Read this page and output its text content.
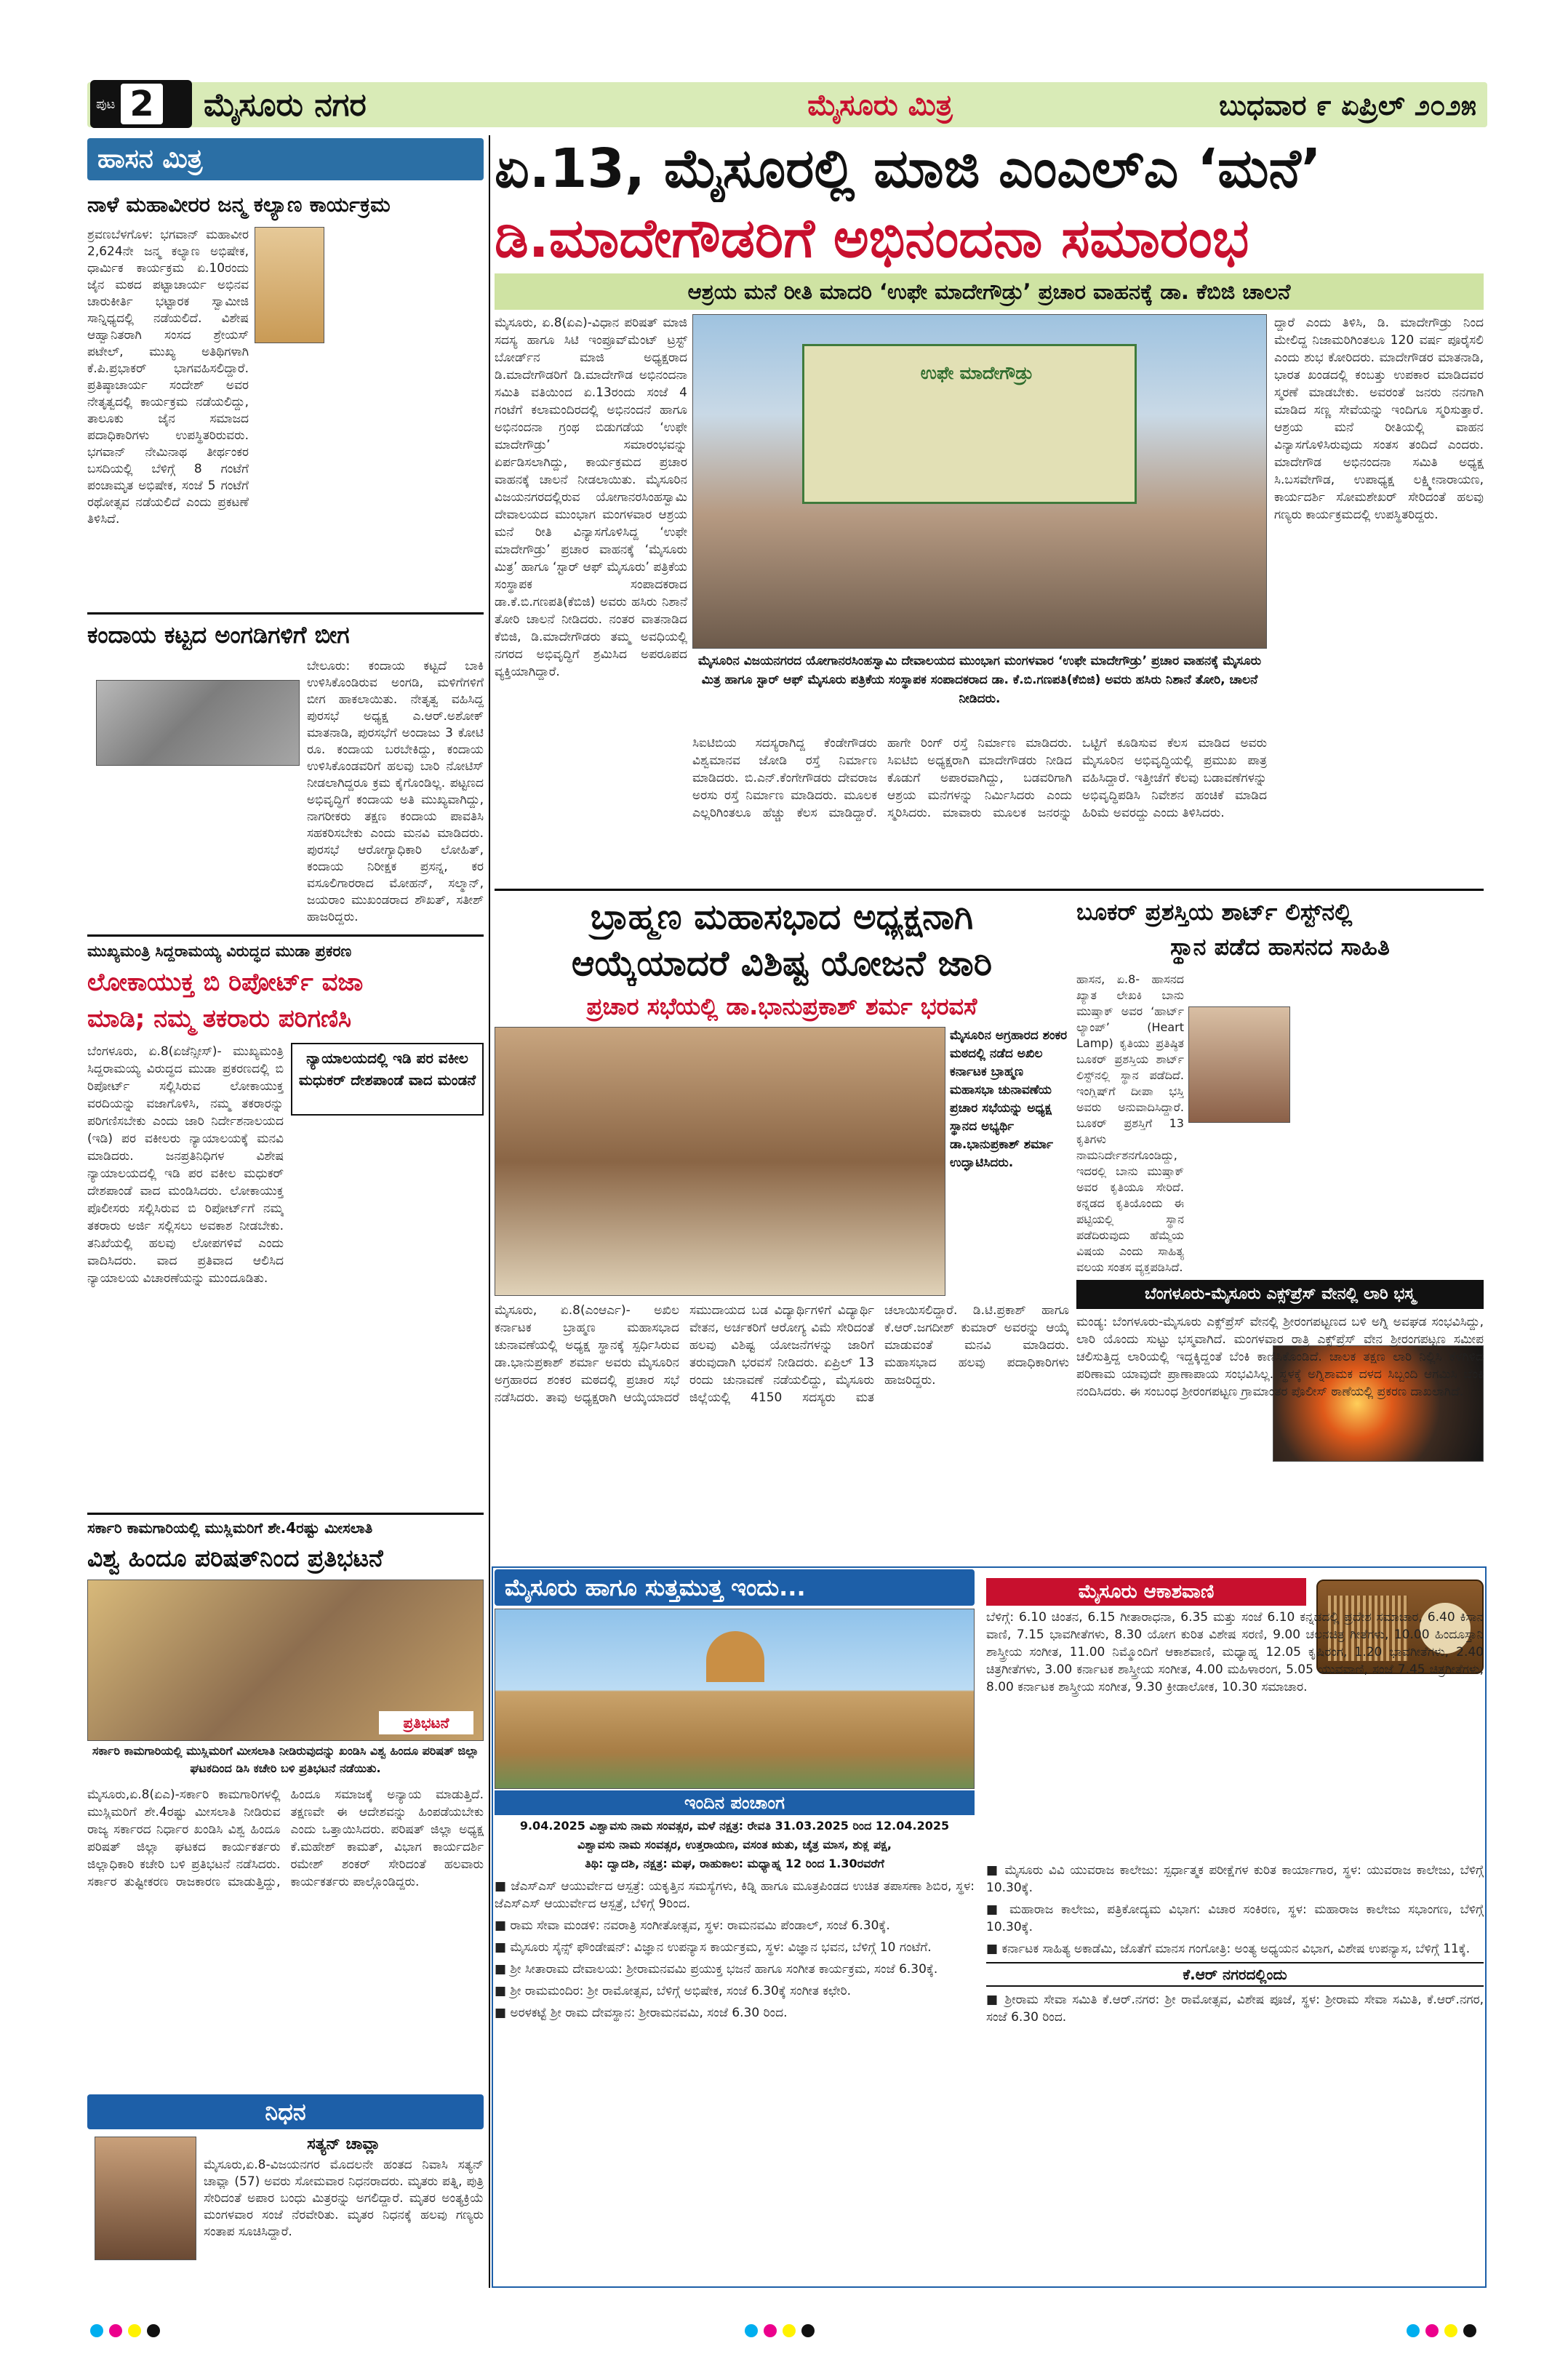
ಪುಟ 2 ಮೈಸೂರು ನಗರ	ಮೈಸೂರು ಮಿತ್ರ	ಬುಧವಾರ ೯ ಏಪ್ರಿಲ್ ೨೦೨೫
ಹಾಸನ ಮಿತ್ರ
ನಾಳೆ ಮಹಾವೀರರ ಜನ್ಮ ಕಲ್ಯಾಣ ಕಾರ್ಯಕ್ರಮ
ಶ್ರವಣಬೆಳಗೊಳ: ಭಗವಾನ್ ಮಹಾವೀರ 2,624ನೇ ಜನ್ಮ ಕಲ್ಯಾಣ ಅಭಿಷೇಕ, ಧಾರ್ಮಿಕ ಕಾರ್ಯಕ್ರಮ ಏ.10ರಂದು ಜೈನ ಮಠದ ಪಟ್ಟಾಚಾರ್ಯ ಅಭಿನವ ಚಾರುಕೀರ್ತಿ ಭಟ್ಟಾರಕ ಸ್ವಾಮೀಜಿ ಸಾನ್ನಿಧ್ಯದಲ್ಲಿ ನಡೆಯಲಿದೆ. ವಿಶೇಷ ಆಹ್ವಾನಿತರಾಗಿ ಸಂಸದ ಶ್ರೇಯಸ್ ಪಟೇಲ್, ಮುಖ್ಯ ಅತಿಥಿಗಳಾಗಿ ಕೆ.ಪಿ.ಪ್ರಭಾಕರ್ ಭಾಗವಹಿಸಲಿದ್ದಾರೆ. ಪ್ರತಿಷ್ಠಾಚಾರ್ಯ ಸಂದೇಶ್ ಅವರ ನೇತೃತ್ವದಲ್ಲಿ ಕಾರ್ಯಕ್ರಮ ನಡೆಯಲಿದ್ದು, ತಾಲೂಕು ಜೈನ ಸಮಾಜದ ಪದಾಧಿಕಾರಿಗಳು ಉಪಸ್ಥಿತರಿರುವರು. ಭಗವಾನ್ ನೇಮಿನಾಥ ತೀರ್ಥಂಕರ ಬಸದಿಯಲ್ಲಿ ಬೆಳಿಗ್ಗೆ 8 ಗಂಟೆಗೆ ಪಂಚಾಮೃತ ಅಭಿಷೇಕ, ಸಂಜೆ 5 ಗಂಟೆಗೆ ರಥೋತ್ಸವ ನಡೆಯಲಿದೆ ಎಂದು ಪ್ರಕಟಣೆ ತಿಳಿಸಿದೆ.
ಕಂದಾಯ ಕಟ್ಟದ ಅಂಗಡಿಗಳಿಗೆ ಬೀಗ
ಬೇಲೂರು: ಕಂದಾಯ ಕಟ್ಟದೆ ಬಾಕಿ ಉಳಿಸಿಕೊಂಡಿರುವ ಅಂಗಡಿ, ಮಳಿಗೆಗಳಿಗೆ ಬೀಗ ಹಾಕಲಾಯಿತು. ನೇತೃತ್ವ ವಹಿಸಿದ್ದ ಪುರಸಭೆ ಅಧ್ಯಕ್ಷ ಎ.ಆರ್.ಅಶೋಕ್ ಮಾತನಾಡಿ, ಪುರಸಭೆಗೆ ಅಂದಾಜು 3 ಕೋಟಿ ರೂ. ಕಂದಾಯ ಬರಬೇಕಿದ್ದು, ಕಂದಾಯ ಉಳಿಸಿಕೊಂಡವರಿಗೆ ಹಲವು ಬಾರಿ ನೋಟಿಸ್ ನೀಡಲಾಗಿದ್ದರೂ ಕ್ರಮ ಕೈಗೊಂಡಿಲ್ಲ. ಪಟ್ಟಣದ ಅಭಿವೃದ್ಧಿಗೆ ಕಂದಾಯ ಅತಿ ಮುಖ್ಯವಾಗಿದ್ದು, ನಾಗರೀಕರು ತಕ್ಷಣ ಕಂದಾಯ ಪಾವತಿಸಿ ಸಹಕರಿಸಬೇಕು ಎಂದು ಮನವಿ ಮಾಡಿದರು. ಪುರಸಭೆ ಆರೋಗ್ಯಾಧಿಕಾರಿ ಲೋಹಿತ್, ಕಂದಾಯ ನಿರೀಕ್ಷಕ ಪ್ರಸನ್ನ, ಕರ ವಸೂಲಿಗಾರರಾದ ಮೋಹನ್, ಸಲ್ಮಾನ್, ಜಯರಾಂ ಮುಖಂಡರಾದ ಶೌಖತ್, ಸತೀಶ್ ಹಾಜರಿದ್ದರು.
ಮುಖ್ಯಮಂತ್ರಿ ಸಿದ್ದರಾಮಯ್ಯ ವಿರುದ್ಧದ ಮುಡಾ ಪ್ರಕರಣ
ಲೋಕಾಯುಕ್ತ ಬಿ ರಿಪೋರ್ಟ್ ವಜಾ
ಮಾಡಿ; ನಮ್ಮ ತಕರಾರು ಪರಿಗಣಿಸಿ
ನ್ಯಾಯಾಲಯದಲ್ಲಿ ಇಡಿ ಪರ ವಕೀಲ ಮಧುಕರ್ ದೇಶಪಾಂಡೆ ವಾದ ಮಂಡನೆ
ಬೆಂಗಳೂರು, ಏ.8(ಏಜೆನ್ಸೀಸ್)- ಮುಖ್ಯಮಂತ್ರಿ ಸಿದ್ದರಾಮಯ್ಯ ವಿರುದ್ಧದ ಮುಡಾ ಪ್ರಕರಣದಲ್ಲಿ ಬಿ ರಿಪೋರ್ಟ್ ಸಲ್ಲಿಸಿರುವ ಲೋಕಾಯುಕ್ತ ವರದಿಯನ್ನು ವಜಾಗೊಳಿಸಿ, ನಮ್ಮ ತಕರಾರನ್ನು ಪರಿಗಣಿಸಬೇಕು ಎಂದು ಜಾರಿ ನಿರ್ದೇಶನಾಲಯದ (ಇಡಿ) ಪರ ವಕೀಲರು ನ್ಯಾಯಾಲಯಕ್ಕೆ ಮನವಿ ಮಾಡಿದರು. ಜನಪ್ರತಿನಿಧಿಗಳ ವಿಶೇಷ ನ್ಯಾಯಾಲಯದಲ್ಲಿ ಇಡಿ ಪರ ವಕೀಲ ಮಧುಕರ್ ದೇಶಪಾಂಡೆ ವಾದ ಮಂಡಿಸಿದರು. ಲೋಕಾಯುಕ್ತ ಪೊಲೀಸರು ಸಲ್ಲಿಸಿರುವ ಬಿ ರಿಪೋರ್ಟ್‌ಗೆ ನಮ್ಮ ತಕರಾರು ಅರ್ಜಿ ಸಲ್ಲಿಸಲು ಅವಕಾಶ ನೀಡಬೇಕು. ತನಿಖೆಯಲ್ಲಿ ಹಲವು ಲೋಪಗಳಿವೆ ಎಂದು ವಾದಿಸಿದರು. ವಾದ ಪ್ರತಿವಾದ ಆಲಿಸಿದ ನ್ಯಾಯಾಲಯ ವಿಚಾರಣೆಯನ್ನು ಮುಂದೂಡಿತು.
ಸರ್ಕಾರಿ ಕಾಮಗಾರಿಯಲ್ಲಿ ಮುಸ್ಲಿಮರಿಗೆ ಶೇ.4ರಷ್ಟು ಮೀಸಲಾತಿ
ವಿಶ್ವ ಹಿಂದೂ ಪರಿಷತ್‌ನಿಂದ ಪ್ರತಿಭಟನೆ
ಪ್ರತಿಭಟನೆ
ಸರ್ಕಾರಿ ಕಾಮಗಾರಿಯಲ್ಲಿ ಮುಸ್ಲಿಮರಿಗೆ ಮೀಸಲಾತಿ ನೀಡಿರುವುದನ್ನು ಖಂಡಿಸಿ ವಿಶ್ವ ಹಿಂದೂ ಪರಿಷತ್ ಜಿಲ್ಲಾ ಘಟಕದಿಂದ ಡಿಸಿ ಕಚೇರಿ ಬಳಿ ಪ್ರತಿಭಟನೆ ನಡೆಯಿತು.
ಮೈಸೂರು,ಏ.8(ಏಎ)-ಸರ್ಕಾರಿ ಕಾಮಗಾರಿಗಳಲ್ಲಿ ಮುಸ್ಲಿಮರಿಗೆ ಶೇ.4ರಷ್ಟು ಮೀಸಲಾತಿ ನೀಡಿರುವ ರಾಜ್ಯ ಸರ್ಕಾರದ ನಿರ್ಧಾರ ಖಂಡಿಸಿ ವಿಶ್ವ ಹಿಂದೂ ಪರಿಷತ್ ಜಿಲ್ಲಾ ಘಟಕದ ಕಾರ್ಯಕರ್ತರು ಜಿಲ್ಲಾಧಿಕಾರಿ ಕಚೇರಿ ಬಳಿ ಪ್ರತಿಭಟನೆ ನಡೆಸಿದರು. ಸರ್ಕಾರ ತುಷ್ಟೀಕರಣ ರಾಜಕಾರಣ ಮಾಡುತ್ತಿದ್ದು, ಹಿಂದೂ ಸಮಾಜಕ್ಕೆ ಅನ್ಯಾಯ ಮಾಡುತ್ತಿದೆ. ತಕ್ಷಣವೇ ಈ ಆದೇಶವನ್ನು ಹಿಂಪಡೆಯಬೇಕು ಎಂದು ಒತ್ತಾಯಿಸಿದರು. ಪರಿಷತ್ ಜಿಲ್ಲಾ ಅಧ್ಯಕ್ಷ ಕೆ.ಮಹೇಶ್ ಕಾಮತ್, ವಿಭಾಗ ಕಾರ್ಯದರ್ಶಿ ರಮೇಶ್ ಶಂಕರ್ ಸೇರಿದಂತೆ ಹಲವಾರು ಕಾರ್ಯಕರ್ತರು ಪಾಲ್ಗೊಂಡಿದ್ದರು.
ನಿಧನ
ಸತ್ಯನ್ ಚಾವ್ಲಾ
ಮೈಸೂರು,ಏ.8-ವಿಜಯನಗರ ಮೊದಲನೇ ಹಂತದ ನಿವಾಸಿ ಸತ್ಯನ್ ಚಾವ್ಲಾ (57) ಅವರು ಸೋಮವಾರ ನಿಧನರಾದರು. ಮೃತರು ಪತ್ನಿ, ಪುತ್ರಿ ಸೇರಿದಂತೆ ಅಪಾರ ಬಂಧು ಮಿತ್ರರನ್ನು ಅಗಲಿದ್ದಾರೆ. ಮೃತರ ಅಂತ್ಯಕ್ರಿಯೆ ಮಂಗಳವಾರ ಸಂಜೆ ನೆರವೇರಿತು. ಮೃತರ ನಿಧನಕ್ಕೆ ಹಲವು ಗಣ್ಯರು ಸಂತಾಪ ಸೂಚಿಸಿದ್ದಾರೆ.
ಏ.13, ಮೈಸೂರಲ್ಲಿ ಮಾಜಿ ಎಂಎಲ್ಎ ‘ಮನೆ’
ಡಿ.ಮಾದೇಗೌಡರಿಗೆ ಅಭಿನಂದನಾ ಸಮಾರಂಭ
ಆಶ್ರಯ ಮನೆ ರೀತಿ ಮಾದರಿ ‘ಉಫೇ ಮಾದೇಗೌಡ್ರು’ ಪ್ರಚಾರ ವಾಹನಕ್ಕೆ ಡಾ. ಕೆಬಿಜಿ ಚಾಲನೆ
ಮೈಸೂರು, ಏ.8(ಏಎ)-ವಿಧಾನ ಪರಿಷತ್ ಮಾಜಿ ಸದಸ್ಯ ಹಾಗೂ ಸಿಟಿ ಇಂಪ್ರೂವ್‌ಮೆಂಟ್ ಟ್ರಸ್ಟ್ ಬೋರ್ಡ್‌ನ ಮಾಜಿ ಅಧ್ಯಕ್ಷರಾದ ಡಿ.ಮಾದೇಗೌಡರಿಗೆ ಡಿ.ಮಾದೇಗೌಡ ಅಭಿನಂದನಾ ಸಮಿತಿ ವತಿಯಿಂದ ಏ.13ರಂದು ಸಂಜೆ 4 ಗಂಟೆಗೆ ಕಲಾಮಂದಿರದಲ್ಲಿ ಅಭಿನಂದನೆ ಹಾಗೂ ಅಭಿನಂದನಾ ಗ್ರಂಥ ಬಿಡುಗಡೆಯ ‘ಉಫೇ ಮಾದೇಗೌಡ್ರು’ ಸಮಾರಂಭವನ್ನು ಏರ್ಪಡಿಸಲಾಗಿದ್ದು, ಕಾರ್ಯಕ್ರಮದ ಪ್ರಚಾರ ವಾಹನಕ್ಕೆ ಚಾಲನೆ ನೀಡಲಾಯಿತು. ಮೈಸೂರಿನ ವಿಜಯನಗರದಲ್ಲಿರುವ ಯೋಗಾನರಸಿಂಹಸ್ವಾಮಿ ದೇವಾಲಯದ ಮುಂಭಾಗ ಮಂಗಳವಾರ ಆಶ್ರಯ ಮನೆ ರೀತಿ ವಿನ್ಯಾಸಗೊಳಿಸಿದ್ದ ‘ಉಫೇ ಮಾದೇಗೌಡ್ರು’ ಪ್ರಚಾರ ವಾಹನಕ್ಕೆ ‘ಮೈಸೂರು ಮಿತ್ರ’ ಹಾಗೂ ‘ಸ್ಟಾರ್ ಆಫ್ ಮೈಸೂರು’ ಪತ್ರಿಕೆಯ ಸಂಸ್ಥಾಪಕ ಸಂಪಾದಕರಾದ ಡಾ.ಕೆ.ಬಿ.ಗಣಪತಿ(ಕೆಬಿಜಿ) ಅವರು ಹಸಿರು ನಿಶಾನೆ ತೋರಿ ಚಾಲನೆ ನೀಡಿದರು. ನಂತರ ವಾತನಾಡಿದ ಕೆಬಿಜಿ, ಡಿ.ಮಾದೇಗೌಡರು ತಮ್ಮ ಅವಧಿಯಲ್ಲಿ ನಗರದ ಅಭಿವೃದ್ಧಿಗೆ ಶ್ರಮಿಸಿದ ಅಪರೂಪದ ವ್ಯಕ್ತಿಯಾಗಿದ್ದಾರೆ.
ಉಫೇ ಮಾದೇಗೌಡ್ರು
ಮೈಸೂರಿನ ವಿಜಯನಗರದ ಯೋಗಾನರಸಿಂಹಸ್ವಾಮಿ ದೇವಾಲಯದ ಮುಂಭಾಗ ಮಂಗಳವಾರ ‘ಉಫೇ ಮಾದೇಗೌಡ್ರು’ ಪ್ರಚಾರ ವಾಹನಕ್ಕೆ ಮೈಸೂರು ಮಿತ್ರ ಹಾಗೂ ಸ್ಟಾರ್ ಆಫ್ ಮೈಸೂರು ಪತ್ರಿಕೆಯ ಸಂಸ್ಥಾಪಕ ಸಂಪಾದಕರಾದ ಡಾ. ಕೆ.ಬಿ.ಗಣಪತಿ(ಕೆಬಿಜಿ) ಅವರು ಹಸಿರು ನಿಶಾನೆ ತೋರಿ, ಚಾಲನೆ ನೀಡಿದರು.
ದ್ದಾರೆ ಎಂದು ತಿಳಿಸಿ, ಡಿ. ಮಾದೇಗೌಡ್ರು ನಿಂದ ಮೇಲಿದ್ದ ನಿಜಾಮರಿಗಿಂತಲೂ 120 ವರ್ಷ ಪೂರೈಸಲಿ ಎಂದು ಶುಭ ಕೋರಿದರು. ಮಾದೇಗೌಡರ ಮಾತನಾಡಿ, ಭಾರತ ಖಂಡದಲ್ಲಿ ಕಂಬತ್ತು ಉಪಕಾರ ಮಾಡಿದವರ ಸ್ಮರಣೆ ಮಾಡಬೇಕು. ಅವರಂತೆ ಜನರು ನನಗಾಗಿ ಮಾಡಿದ ಸಣ್ಣ ಸೇವೆಯನ್ನು ಇಂದಿಗೂ ಸ್ಮರಿಸುತ್ತಾರೆ. ಆಶ್ರಯ ಮನೆ ರೀತಿಯಲ್ಲಿ ವಾಹನ ವಿನ್ಯಾಸಗೊಳಿಸಿರುವುದು ಸಂತಸ ತಂದಿದೆ ಎಂದರು. ಮಾದೇಗೌಡ ಅಭಿನಂದನಾ ಸಮಿತಿ ಅಧ್ಯಕ್ಷ ಸಿ.ಬಸವೇಗೌಡ, ಉಪಾಧ್ಯಕ್ಷ ಲಕ್ಷ್ಮೀನಾರಾಯಣ, ಕಾರ್ಯದರ್ಶಿ ಸೋಮಶೇಖರ್ ಸೇರಿದಂತೆ ಹಲವು ಗಣ್ಯರು ಕಾರ್ಯಕ್ರಮದಲ್ಲಿ ಉಪಸ್ಥಿತರಿದ್ದರು.
ಸಿಐಟಿಬಿಯ ಸದಸ್ಯರಾಗಿದ್ದ ಕೆಂಡೇಗೌಡರು ವಿಶ್ವಮಾನವ ಜೋಡಿ ರಸ್ತೆ ನಿರ್ಮಾಣ ಮಾಡಿದರು. ಬಿ.ಎನ್.ಕೆಂಗೇಗೌಡರು ದೇವರಾಜ ಅರಸು ರಸ್ತೆ ನಿರ್ಮಾಣ ಮಾಡಿದರು. ಮೂಲಕ ಎಲ್ಲರಿಗಿಂತಲೂ ಹೆಚ್ಚು ಕೆಲಸ ಮಾಡಿದ್ದಾರೆ. ಹಾಗೇ ರಿಂಗ್ ರಸ್ತೆ ನಿರ್ಮಾಣ ಮಾಡಿದರು. ಸಿಐಟಿಬಿ ಅಧ್ಯಕ್ಷರಾಗಿ ಮಾದೇಗೌಡರು ನೀಡಿದ ಕೊಡುಗೆ ಅಪಾರವಾಗಿದ್ದು, ಬಡವರಿಗಾಗಿ ಆಶ್ರಯ ಮನೆಗಳನ್ನು ನಿರ್ಮಿಸಿದರು ಎಂದು ಸ್ಮರಿಸಿದರು. ಮಾವಾರು ಮೂಲಕ ಜನರನ್ನು ಒಟ್ಟಿಗೆ ಕೂಡಿಸುವ ಕೆಲಸ ಮಾಡಿದ ಅವರು ಮೈಸೂರಿನ ಅಭಿವೃದ್ಧಿಯಲ್ಲಿ ಪ್ರಮುಖ ಪಾತ್ರ ವಹಿಸಿದ್ದಾರೆ. ಇತ್ತೀಚೆಗೆ ಕೆಲವು ಬಡಾವಣೆಗಳನ್ನು ಅಭಿವೃದ್ಧಿಪಡಿಸಿ ನಿವೇಶನ ಹಂಚಿಕೆ ಮಾಡಿದ ಹಿರಿಮೆ ಅವರದ್ದು ಎಂದು ತಿಳಿಸಿದರು.
ಬ್ರಾಹ್ಮಣ ಮಹಾಸಭಾದ ಅಧ್ಯಕ್ಷನಾಗಿ
ಆಯ್ಕೆಯಾದರೆ ವಿಶಿಷ್ಟ ಯೋಜನೆ ಜಾರಿ
ಪ್ರಚಾರ ಸಭೆಯಲ್ಲಿ ಡಾ.ಭಾನುಪ್ರಕಾಶ್ ಶರ್ಮ ಭರವಸೆ
ಮೈಸೂರಿನ ಅಗ್ರಹಾರದ ಶಂಕರ ಮಠದಲ್ಲಿ ನಡೆದ ಅಖಿಲ ಕರ್ನಾಟಕ ಬ್ರಾಹ್ಮಣ ಮಹಾಸಭಾ ಚುನಾವಣೆಯ ಪ್ರಚಾರ ಸಭೆಯನ್ನು ಅಧ್ಯಕ್ಷ ಸ್ಥಾನದ ಅಭ್ಯರ್ಥಿ ಡಾ.ಭಾನುಪ್ರಕಾಶ್ ಶರ್ಮಾ ಉದ್ಘಾಟಿಸಿದರು.
ಮೈಸೂರು, ಏ.8(ಎಂಆರ್ಎ)- ಅಖಿಲ ಕರ್ನಾಟಕ ಬ್ರಾಹ್ಮಣ ಮಹಾಸಭಾದ ಚುನಾವಣೆಯಲ್ಲಿ ಅಧ್ಯಕ್ಷ ಸ್ಥಾನಕ್ಕೆ ಸ್ಪರ್ಧಿಸಿರುವ ಡಾ.ಭಾನುಪ್ರಕಾಶ್ ಶರ್ಮಾ ಅವರು ಮೈಸೂರಿನ ಅಗ್ರಹಾರದ ಶಂಕರ ಮಠದಲ್ಲಿ ಪ್ರಚಾರ ಸಭೆ ನಡೆಸಿದರು. ತಾವು ಅಧ್ಯಕ್ಷರಾಗಿ ಆಯ್ಕೆಯಾದರೆ ಸಮುದಾಯದ ಬಡ ವಿದ್ಯಾರ್ಥಿಗಳಿಗೆ ವಿದ್ಯಾರ್ಥಿ ವೇತನ, ಅರ್ಚಕರಿಗೆ ಆರೋಗ್ಯ ವಿಮೆ ಸೇರಿದಂತೆ ಹಲವು ವಿಶಿಷ್ಟ ಯೋಜನೆಗಳನ್ನು ಜಾರಿಗೆ ತರುವುದಾಗಿ ಭರವಸೆ ನೀಡಿದರು. ಏಪ್ರಿಲ್ 13 ರಂದು ಚುನಾವಣೆ ನಡೆಯಲಿದ್ದು, ಮೈಸೂರು ಜಿಲ್ಲೆಯಲ್ಲಿ 4150 ಸದಸ್ಯರು ಮತ ಚಲಾಯಿಸಲಿದ್ದಾರೆ. ಡಿ.ಟಿ.ಪ್ರಕಾಶ್ ಹಾಗೂ ಕೆ.ಆರ್.ಜಗದೀಶ್ ಕುಮಾರ್ ಅವರನ್ನು ಆಯ್ಕೆ ಮಾಡುವಂತೆ ಮನವಿ ಮಾಡಿದರು. ಮಹಾಸಭಾದ ಹಲವು ಪದಾಧಿಕಾರಿಗಳು ಹಾಜರಿದ್ದರು.
ಬೂಕರ್ ಪ್ರಶಸ್ತಿಯ ಶಾರ್ಟ್ ಲಿಸ್ಟ್‌ನಲ್ಲಿ
ಸ್ಥಾನ ಪಡೆದ ಹಾಸನದ ಸಾಹಿತಿ
ಹಾಸನ, ಏ.8- ಹಾಸನದ ಖ್ಯಾತ ಲೇಖಕಿ ಬಾನು ಮುಷ್ತಾಕ್ ಅವರ ‘ಹಾರ್ಟ್ ಲ್ಯಾಂಪ್’ (Heart Lamp) ಕೃತಿಯು ಪ್ರತಿಷ್ಠಿತ ಬೂಕರ್ ಪ್ರಶಸ್ತಿಯ ಶಾರ್ಟ್ ಲಿಸ್ಟ್‌ನಲ್ಲಿ ಸ್ಥಾನ ಪಡೆದಿದೆ. ಇಂಗ್ಲಿಷ್‌ಗೆ ದೀಪಾ ಭಸ್ತಿ ಅವರು ಅನುವಾದಿಸಿದ್ದಾರೆ. ಬೂಕರ್ ಪ್ರಶಸ್ತಿಗೆ 13 ಕೃತಿಗಳು ನಾಮನಿರ್ದೇಶನಗೊಂಡಿದ್ದು, ಇದರಲ್ಲಿ ಬಾನು ಮುಷ್ತಾಕ್ ಅವರ ಕೃತಿಯೂ ಸೇರಿದೆ. ಕನ್ನಡದ ಕೃತಿಯೊಂದು ಈ ಪಟ್ಟಿಯಲ್ಲಿ ಸ್ಥಾನ ಪಡೆದಿರುವುದು ಹೆಮ್ಮೆಯ ವಿಷಯ ಎಂದು ಸಾಹಿತ್ಯ ವಲಯ ಸಂತಸ ವ್ಯಕ್ತಪಡಿಸಿದೆ.
ಬೆಂಗಳೂರು-ಮೈಸೂರು ಎಕ್ಸ್‌ಪ್ರೆಸ್ ವೇನಲ್ಲಿ ಲಾರಿ ಭಸ್ಮ
ಮಂಡ್ಯ: ಬೆಂಗಳೂರು-ಮೈಸೂರು ಎಕ್ಸ್‌ಪ್ರೆಸ್ ವೇನಲ್ಲಿ ಶ್ರೀರಂಗಪಟ್ಟಣದ ಬಳಿ ಅಗ್ನಿ ಅವಘಡ ಸಂಭವಿಸಿದ್ದು, ಲಾರಿ ಯೊಂದು ಸುಟ್ಟು ಭಸ್ಮವಾಗಿದೆ. ಮಂಗಳವಾರ ರಾತ್ರಿ ಎಕ್ಸ್‌ಪ್ರೆಸ್ ವೇನ ಶ್ರೀರಂಗಪಟ್ಟಣ ಸಮೀಪ ಚಲಿಸುತ್ತಿದ್ದ ಲಾರಿಯಲ್ಲಿ ಇದ್ದಕ್ಕಿದ್ದಂತೆ ಬೆಂಕಿ ಕಾಣಿಸಿಕೊಂಡಿದೆ. ಚಾಲಕ ತಕ್ಷಣ ಲಾರಿ ನಿಲ್ಲಿಸಿ ಕೆಳಗಿಳಿದ ಪರಿಣಾಮ ಯಾವುದೇ ಪ್ರಾಣಾಪಾಯ ಸಂಭವಿಸಿಲ್ಲ. ಸ್ಥಳಕ್ಕೆ ಅಗ್ನಿಶಾಮಕ ದಳದ ಸಿಬ್ಬಂದಿ ಆಗಮಿಸಿ ಬೆಂಕಿ ನಂದಿಸಿದರು. ಈ ಸಂಬಂಧ ಶ್ರೀರಂಗಪಟ್ಟಣ ಗ್ರಾಮಾಂತರ ಪೊಲೀಸ್ ಠಾಣೆಯಲ್ಲಿ ಪ್ರಕರಣ ದಾಖಲಾಗಿದೆ.
ಮೈಸೂರು ಹಾಗೂ ಸುತ್ತಮುತ್ತ ಇಂದು...
ಇಂದಿನ ಪಂಚಾಂಗ
9.04.2025 ವಿಶ್ವಾವಸು ನಾಮ ಸಂವತ್ಸರ, ಮಳೆ ನಕ್ಷತ್ರ: ರೇವತಿ 31.03.2025 ರಿಂದ 12.04.2025
ವಿಶ್ವಾವಸು ನಾಮ ಸಂವತ್ಸರ, ಉತ್ತರಾಯಣ, ವಸಂತ ಋತು, ಚೈತ್ರ ಮಾಸ, ಶುಕ್ಲ ಪಕ್ಷ,
ತಿಥಿ: ದ್ವಾದಶಿ, ನಕ್ಷತ್ರ: ಮಘ, ರಾಹುಕಾಲ: ಮಧ್ಯಾಹ್ನ 12 ರಿಂದ 1.30ರವರೆಗೆ
■ ಜೆಎಸ್‌ಎಸ್ ಆಯುರ್ವೇದ ಆಸ್ಪತ್ರೆ: ಯಕೃತ್ತಿನ ಸಮಸ್ಯೆಗಳು, ಕಿಡ್ನಿ ಹಾಗೂ ಮೂತ್ರಪಿಂಡದ ಉಚಿತ ತಪಾಸಣಾ ಶಿಬಿರ, ಸ್ಥಳ: ಜೆಎಸ್ಎಸ್ ಆಯುರ್ವೇದ ಆಸ್ಪತ್ರೆ, ಬೆಳಿಗ್ಗೆ 9ರಿಂದ.
■ ರಾಮ ಸೇವಾ ಮಂಡಳಿ: ನವರಾತ್ರಿ ಸಂಗೀತೋತ್ಸವ, ಸ್ಥಳ: ರಾಮನವಮಿ ಪೆಂಡಾಲ್, ಸಂಜೆ 6.30ಕ್ಕೆ.
■ ಮೈಸೂರು ಸೈನ್ಸ್ ಫೌಂಡೇಷನ್: ವಿಜ್ಞಾನ ಉಪನ್ಯಾಸ ಕಾರ್ಯಕ್ರಮ, ಸ್ಥಳ: ವಿಜ್ಞಾನ ಭವನ, ಬೆಳಿಗ್ಗೆ 10 ಗಂಟೆಗೆ.
■ ಶ್ರೀ ಸೀತಾರಾಮ ದೇವಾಲಯ: ಶ್ರೀರಾಮನವಮಿ ಪ್ರಯುಕ್ತ ಭಜನೆ ಹಾಗೂ ಸಂಗೀತ ಕಾರ್ಯಕ್ರಮ, ಸಂಜೆ 6.30ಕ್ಕೆ.
■ ಶ್ರೀ ರಾಮಮಂದಿರ: ಶ್ರೀ ರಾಮೋತ್ಸವ, ಬೆಳಿಗ್ಗೆ ಅಭಿಷೇಕ, ಸಂಜೆ 6.30ಕ್ಕೆ ಸಂಗೀತ ಕಛೇರಿ.
■ ಅರಳಕಟ್ಟೆ ಶ್ರೀ ರಾಮ ದೇವಸ್ಥಾನ: ಶ್ರೀರಾಮನವಮಿ, ಸಂಜೆ 6.30 ರಿಂದ.
ಮೈಸೂರು ಆಕಾಶವಾಣಿ
ಬೆಳಿಗ್ಗೆ: 6.10 ಚಿಂತನ, 6.15 ಗೀತಾರಾಧನಾ, 6.35 ಮತ್ತು ಸಂಜೆ 6.10 ಕನ್ನಡದಲ್ಲಿ ಪ್ರದೇಶ ಸಮಾಚಾರ, 6.40 ಕಿಸಾನ ವಾಣಿ, 7.15 ಭಾವಗೀತೆಗಳು, 8.30 ಯೋಗ ಕುರಿತ ವಿಶೇಷ ಸರಣಿ, 9.00 ಚಲನಚಿತ್ರ ಗೀತೆಗಳು, 10.00 ಹಿಂದೂಸ್ತಾನಿ ಶಾಸ್ತ್ರೀಯ ಸಂಗೀತ, 11.00 ನಿಮ್ಮೊಂದಿಗೆ ಆಕಾಶವಾಣಿ, ಮಧ್ಯಾಹ್ನ 12.05 ಕೃಷಿರಂಗ, 1.20 ಭಾವಗೀತೆಗಳು, 2.40 ಚಿತ್ರಗೀತೆಗಳು, 3.00 ಕರ್ನಾಟಕ ಶಾಸ್ತ್ರೀಯ ಸಂಗೀತ, 4.00 ಮಹಿಳಾರಂಗ, 5.05 ಯುವವಾಣಿ, ಸಂಜೆ 7.45 ಚಿತ್ರಗೀತೆಗಳು, 8.00 ಕರ್ನಾಟಕ ಶಾಸ್ತ್ರೀಯ ಸಂಗೀತ, 9.30 ಕ್ರೀಡಾಲೋಕ, 10.30 ಸಮಾಚಾರ.
■ ಮೈಸೂರು ವಿವಿ ಯುವರಾಜ ಕಾಲೇಜು: ಸ್ಪರ್ಧಾತ್ಮಕ ಪರೀಕ್ಷೆಗಳ ಕುರಿತ ಕಾರ್ಯಾಗಾರ, ಸ್ಥಳ: ಯುವರಾಜ ಕಾಲೇಜು, ಬೆಳಿಗ್ಗೆ 10.30ಕ್ಕೆ.
■ ಮಹಾರಾಜ ಕಾಲೇಜು, ಪತ್ರಿಕೋದ್ಯಮ ವಿಭಾಗ: ವಿಚಾರ ಸಂಕಿರಣ, ಸ್ಥಳ: ಮಹಾರಾಜ ಕಾಲೇಜು ಸಭಾಂಗಣ, ಬೆಳಿಗ್ಗೆ 10.30ಕ್ಕೆ.
■ ಕರ್ನಾಟಕ ಸಾಹಿತ್ಯ ಅಕಾಡೆಮಿ, ಜೊತೆಗೆ ಮಾನಸ ಗಂಗೋತ್ರಿ: ಅಂತ್ಯ ಅಧ್ಯಯನ ವಿಭಾಗ, ವಿಶೇಷ ಉಪನ್ಯಾಸ, ಬೆಳಿಗ್ಗೆ 11ಕ್ಕೆ.
ಕೆ.ಆರ್ ನಗರದಲ್ಲಿಂದು
■ ಶ್ರೀರಾಮ ಸೇವಾ ಸಮಿತಿ ಕೆ.ಆರ್.ನಗರ: ಶ್ರೀ ರಾಮೋತ್ಸವ, ವಿಶೇಷ ಪೂಜೆ, ಸ್ಥಳ: ಶ್ರೀರಾಮ ಸೇವಾ ಸಮಿತಿ, ಕೆ.ಆರ್.ನಗರ, ಸಂಜೆ 6.30 ರಿಂದ.
